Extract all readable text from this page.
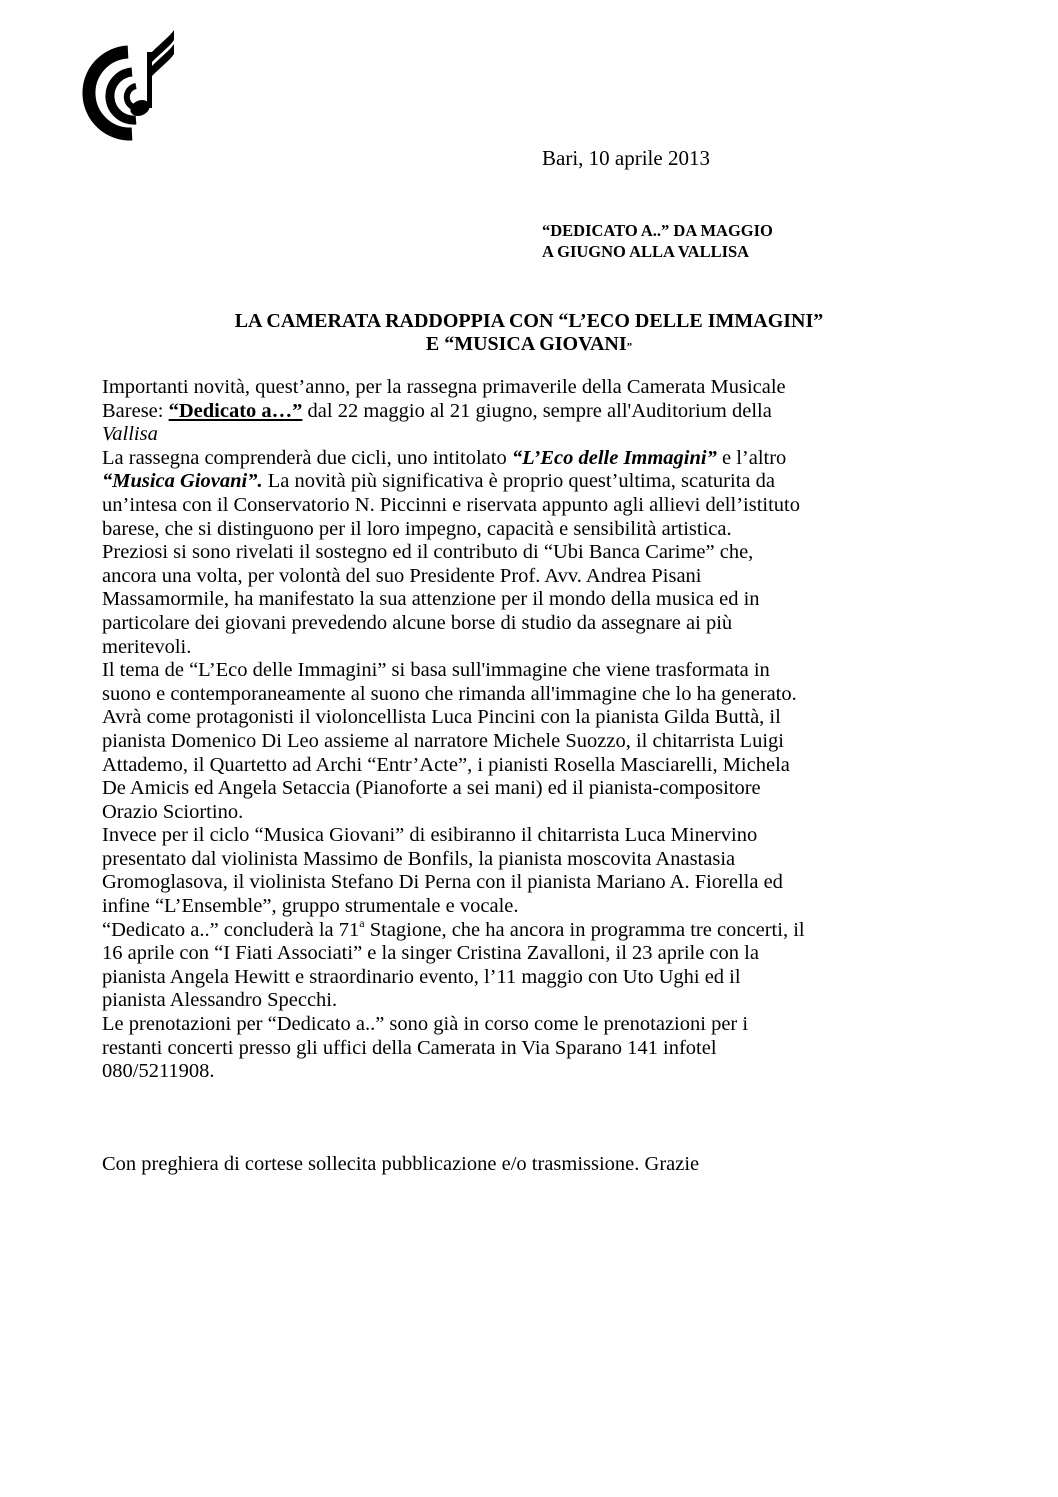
Bari, 10 aprile 2013
“DEDICATO A..” DA MAGGIO
A GIUGNO ALLA VALLISA
LA CAMERATA RADDOPPIA CON “L’ECO DELLE IMMAGINI”
E “MUSICA GIOVANI”

Importanti novità, quest’anno, per la rassegna primaverile della Camerata Musicale
Barese: “Dedicato a…” dal 22 maggio al 21 giugno, sempre all'Auditorium della
Vallisa

La rassegna comprenderà due cicli, uno intitolato “L’Eco delle Immagini” e l’altro
“Musica Giovani”. La novità più significativa è proprio quest’ultima, scaturita da
un’intesa con il Conservatorio N. Piccinni e riservata appunto agli allievi dell’istituto
barese, che si distinguono per il loro impegno, capacità e sensibilità artistica.

Preziosi si sono rivelati il sostegno ed il contributo di “Ubi Banca Carime” che,
ancora una volta, per volontà del suo Presidente Prof. Avv. Andrea Pisani
Massamormile, ha manifestato la sua attenzione per il mondo della musica ed in
particolare dei giovani prevedendo alcune borse di studio da assegnare ai più
meritevoli.

Il tema de “L’Eco delle Immagini” si basa sull'immagine che viene trasformata in
suono e contemporaneamente al suono che rimanda all'immagine che lo ha generato.
Avrà come protagonisti il violoncellista Luca Pincini con la pianista Gilda Buttà, il
pianista Domenico Di Leo assieme al narratore Michele Suozzo, il chitarrista Luigi
Attademo, il Quartetto ad Archi “Entr’Acte”, i pianisti Rosella Masciarelli, Michela
De Amicis ed Angela Setaccia (Pianoforte a sei mani) ed il pianista-compositore
Orazio Sciortino.

Invece per il ciclo “Musica Giovani” di esibiranno il chitarrista Luca Minervino
presentato dal violinista Massimo de Bonfils, la pianista moscovita Anastasia
Gromoglasova, il violinista Stefano Di Perna con il pianista Mariano A. Fiorella ed
infine “L’Ensemble”, gruppo strumentale e vocale.

“Dedicato a..” concluderà la 71$^a$ Stagione, che ha ancora in programma tre concerti, il
16 aprile con “I Fiati Associati” e la singer Cristina Zavalloni, il 23 aprile con la
pianista Angela Hewitt e straordinario evento, l’11 maggio con Uto Ughi ed il
pianista Alessandro Specchi.

Le prenotazioni per “Dedicato a..” sono già in corso come le prenotazioni per i
restanti concerti presso gli uffici della Camerata in Via Sparano 141 infotel
080/5211908.

Con preghiera di cortese sollecita pubblicazione e/o trasmissione. Grazie
